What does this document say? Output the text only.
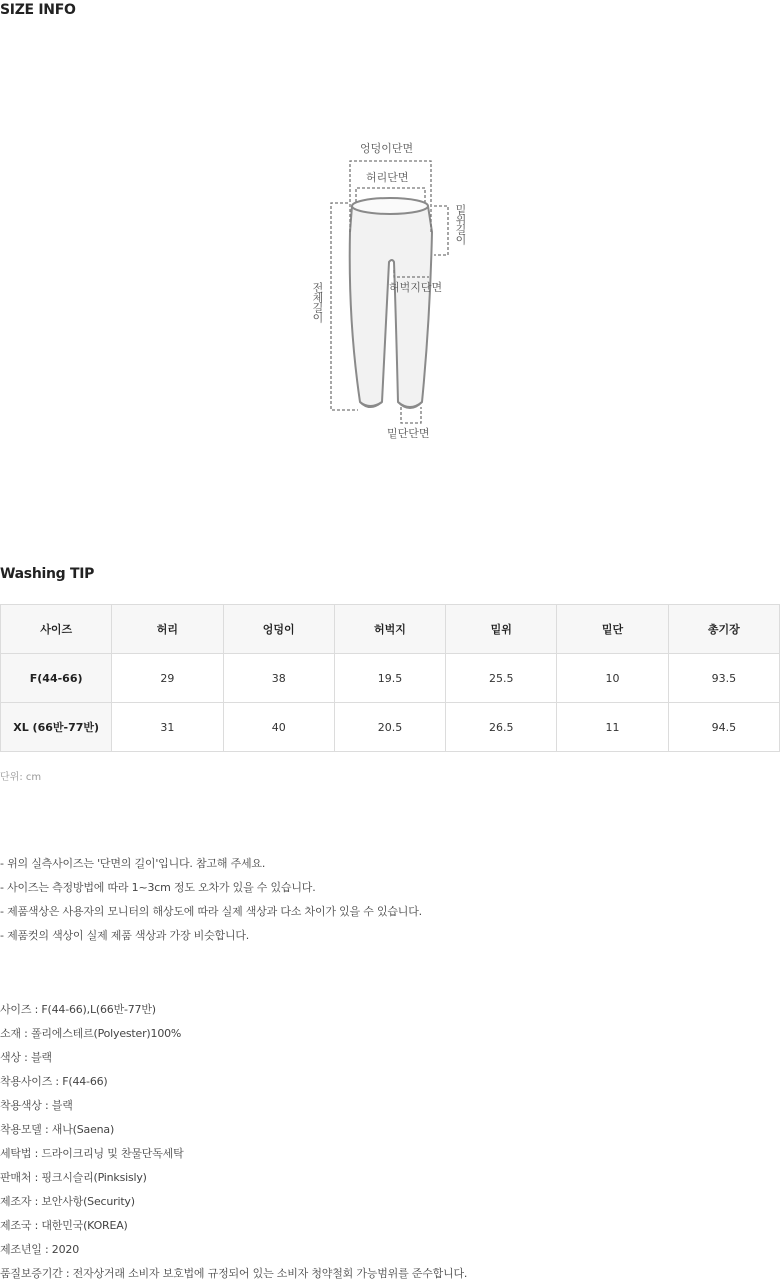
SIZE INFO
엉덩이단면
허리단면
밑위길이
전체길이	허벅지단면
밑단단면
Washing TIP
사이즈	허리	엉덩이	허벅지	밑위	밑단	총기장
F(44-66)	29	38	19.5	25.5	10	93.5
XL (66반-77반)	31	40	20.5	26.5	11	94.5
단위: cm
- 위의 실측사이즈는 '단면의 길이'입니다. 참고해 주세요.
- 사이즈는 측정방법에 따라 1~3cm 정도 오차가 있을 수 있습니다.
- 제품색상은 사용자의 모니터의 해상도에 따라 실제 색상과 다소 차이가 있을 수 있습니다.
- 제품컷의 색상이 실제 제품 색상과 가장 비슷합니다.
사이즈 : F(44-66),L(66반-77반)
소재 : 폴리에스테르(Polyester)100%
색상 : 블랙
착용사이즈 : F(44-66)
착용색상 : 블랙
착용모델 : 새나(Saena)
세탁법 : 드라이크리닝 및 찬물단독세탁
판매처 : 핑크시슬리(Pinksisly)
제조자 : 보안사항(Security)
제조국 : 대한민국(KOREA)
제조년일 : 2020
품질보증기간 : 전자상거래 소비자 보호법에 규정되어 있는 소비자 청약철회 가능범위를 준수합니다.
